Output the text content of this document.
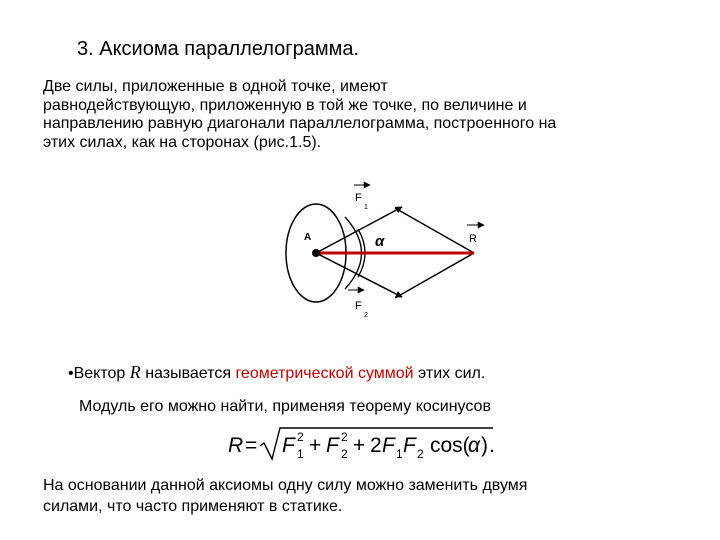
3. Аксиома параллелограмма.
Две силы, приложенные в одной точке, имеют
равнодействующую, приложенную в той же точке, по величине и
направлению равную диагонали параллелограмма, построенного на
этих силах, как на сторонах (рис.1.5).
A	α
F
1
F
2
R
•Вектор R называется геометрической суммой этих сил.
Модуль его можно найти, применяя теорему косинусов
R = F 2
1 + F 2
2 + 2 F 1 F 2 cos(
α ) .
На основании данной аксиомы одну силу можно заменить двумя
силами, что часто применяют в статике.
